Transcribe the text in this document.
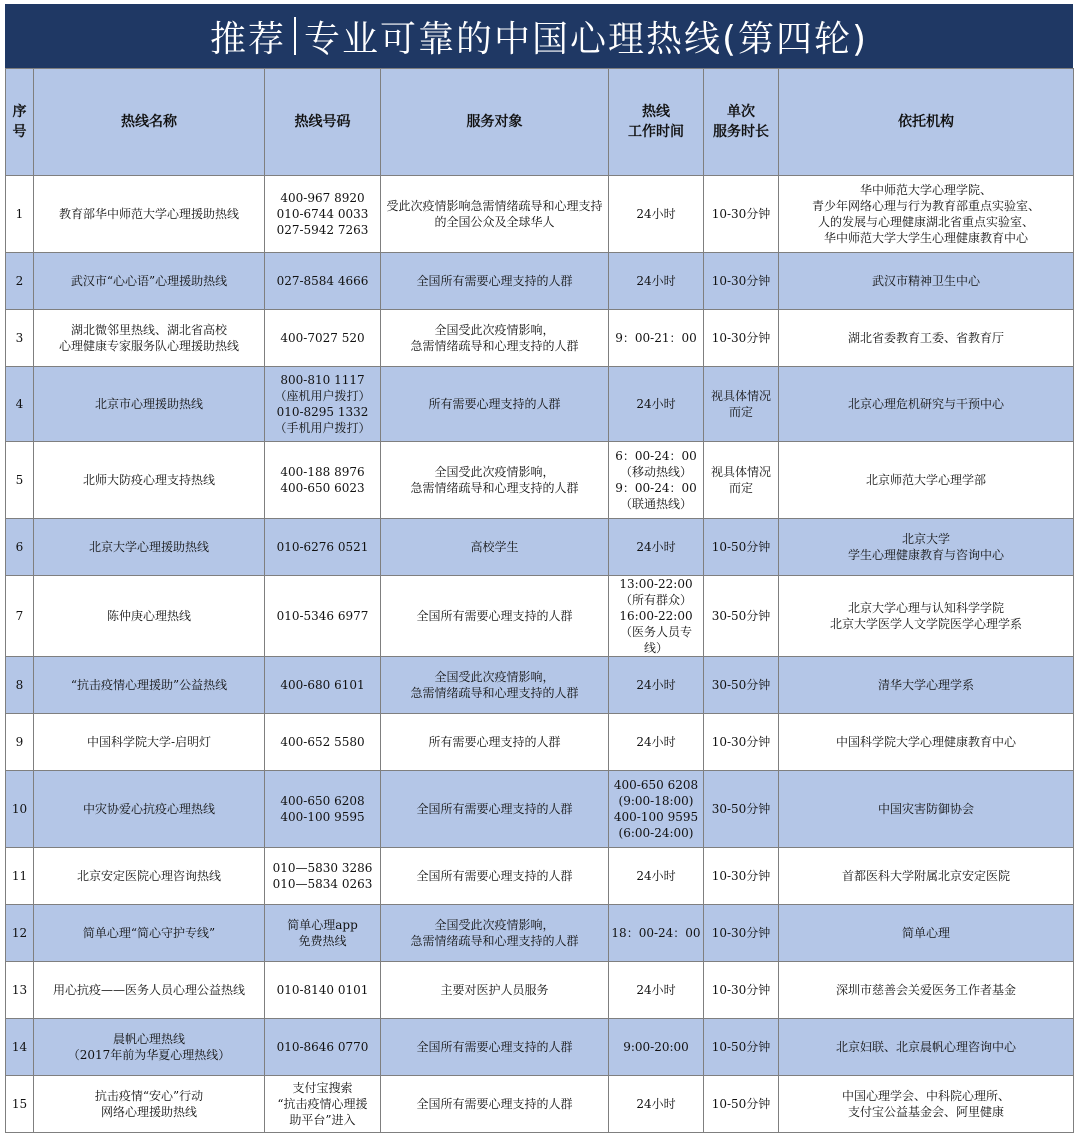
推荐 专业可靠的中国心理热线(第四轮)
序
号	热线名称	热线号码	服务对象	热线
工作时间	单次
服务时长	依托机构
1	教育部华中师范大学心理援助热线	400-967 8920
010-6744 0033
027-5942 7263	受此次疫情影响急需情绪疏导和心理支持的全国公众及全球华人	24小时	10-30分钟	华中师范大学心理学院、
青少年网络心理与行为教育部重点实验室、
人的发展与心理健康湖北省重点实验室、
华中师范大学大学生心理健康教育中心
2	武汉市“心心语”心理援助热线	027-8584 4666	全国所有需要心理支持的人群	24小时	10-30分钟	武汉市精神卫生中心
3	湖北微邻里热线、湖北省高校
心理健康专家服务队心理援助热线	400-7027 520	全国受此次疫情影响，
急需情绪疏导和心理支持的人群	9：00-21：00	10-30分钟	湖北省委教育工委、省教育厅
4	北京市心理援助热线	800-810 1117
（座机用户拨打）
010-8295 1332
（手机用户拨打）	所有需要心理支持的人群	24小时	视具体情况
而定	北京心理危机研究与干预中心
5	北师大防疫心理支持热线	400-188 8976
400-650 6023	全国受此次疫情影响，
急需情绪疏导和心理支持的人群	6：00-24：00
（移动热线）
9：00-24：00
（联通热线）	视具体情况
而定	北京师范大学心理学部
6	北京大学心理援助热线	010-6276 0521	高校学生	24小时	10-50分钟	北京大学
学生心理健康教育与咨询中心
7	陈仲庚心理热线	010-5346 6977	全国所有需要心理支持的人群	13:00-22:00
（所有群众）
16:00-22:00
（医务人员专线）	30-50分钟	北京大学心理与认知科学学院
北京大学医学人文学院医学心理学系
8	“抗击疫情心理援助”公益热线	400-680 6101	全国受此次疫情影响，
急需情绪疏导和心理支持的人群	24小时	30-50分钟	清华大学心理学系
9	中国科学院大学-启明灯	400-652 5580	所有需要心理支持的人群	24小时	10-30分钟	中国科学院大学心理健康教育中心
10	中灾协爱心抗疫心理热线	400-650 6208
400-100 9595	全国所有需要心理支持的人群	400-650 6208
(9:00-18:00)
400-100 9595
(6:00-24:00)	30-50分钟	中国灾害防御协会
11	北京安定医院心理咨询热线	010—5830 3286
010—5834 0263	全国所有需要心理支持的人群	24小时	10-30分钟	首都医科大学附属北京安定医院
12	简单心理“简心守护专线”	简单心理app
免费热线	全国受此次疫情影响，
急需情绪疏导和心理支持的人群	18：00-24：00	10-30分钟	简单心理
13	用心抗疫——医务人员心理公益热线	010-8140 0101	主要对医护人员服务	24小时	10-30分钟	深圳市慈善会关爱医务工作者基金
14	晨帆心理热线
（2017年前为华夏心理热线）	010-8646 0770	全国所有需要心理支持的人群	9:00-20:00	10-50分钟	北京妇联、北京晨帆心理咨询中心
15	抗击疫情“安心”行动
网络心理援助热线	支付宝搜索
“抗击疫情心理援
助平台”进入	全国所有需要心理支持的人群	24小时	10-50分钟	中国心理学会、中科院心理所、
支付宝公益基金会、阿里健康
